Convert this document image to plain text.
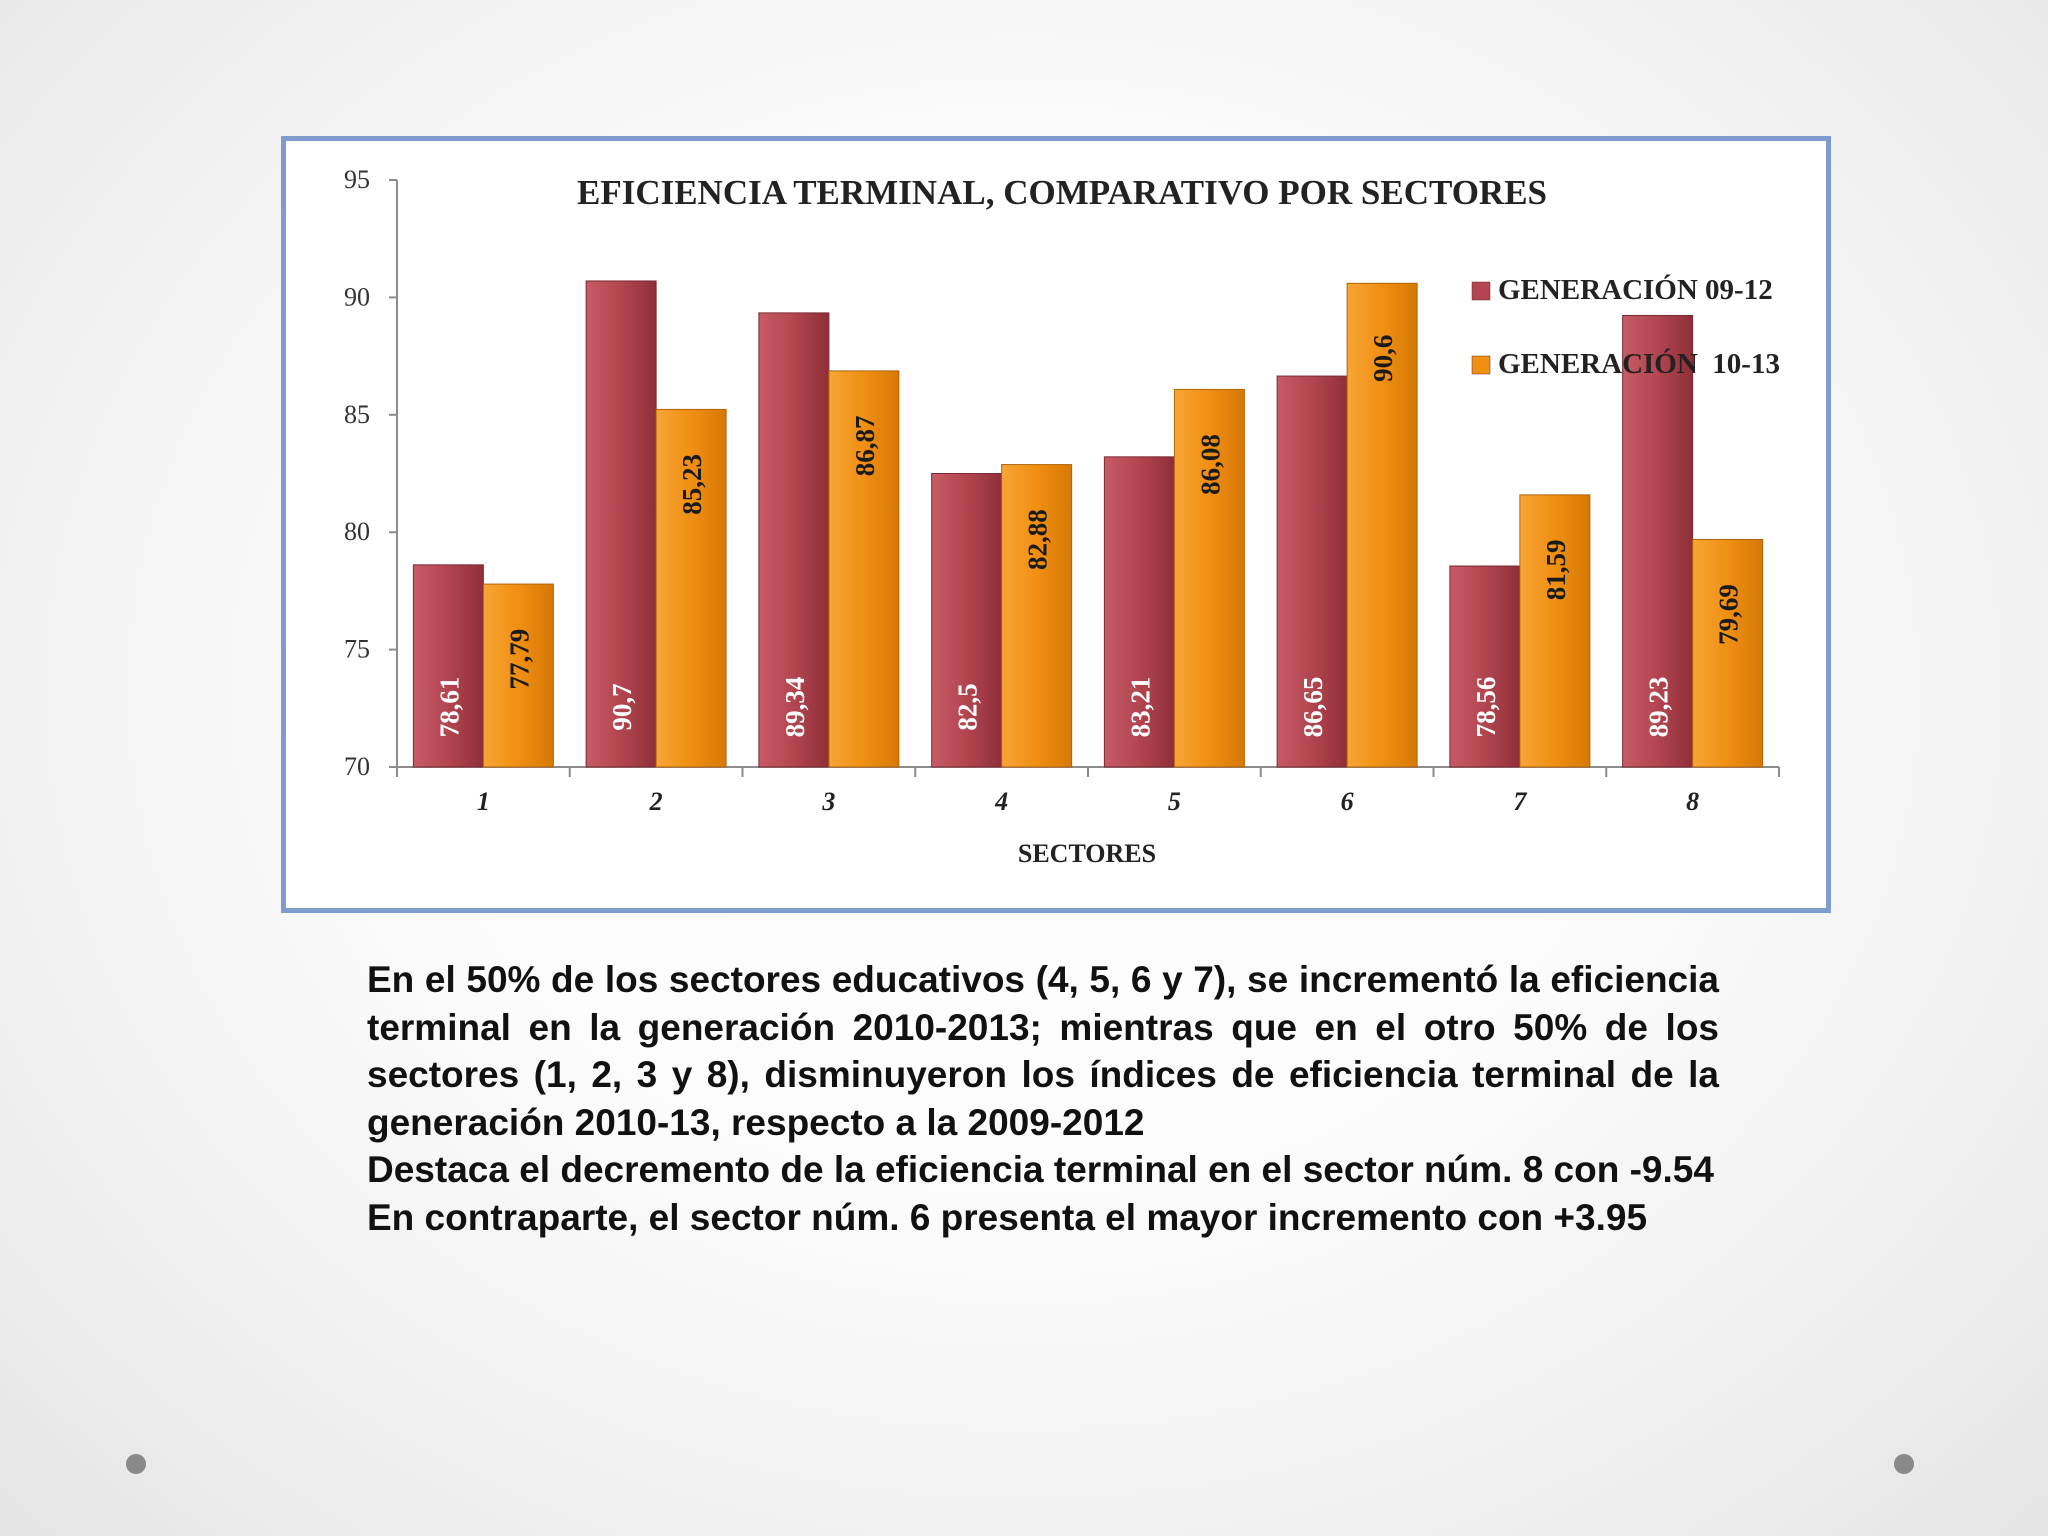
EFICIENCIA TERMINAL, COMPARATIVO POR SECTORES
70
75
80
85
90
95
1	2	3	4	5	6	7	8
78,61	90,7	89,34	82,5	83,21	86,65	78,56	89,23
77,79
85,23
86,87
82,88
86,08
90,6
81,59
79,69
SECTORES
GENERACIÓN 09-12
GENERACIÓN  10-13
En el 50% de los sectores educativos (4, 5, 6 y 7), se incrementó la eficiencia terminal en la generación 2010-2013; mientras que en el otro 50% de los sectores (1, 2, 3 y 8), disminuyeron los índices de eficiencia terminal de la generación 2010-13, respecto a la 2009-2012
Destaca el decremento de la eficiencia terminal en el sector núm. 8 con -9.54
En contraparte, el sector núm. 6 presenta el mayor incremento con +3.95
